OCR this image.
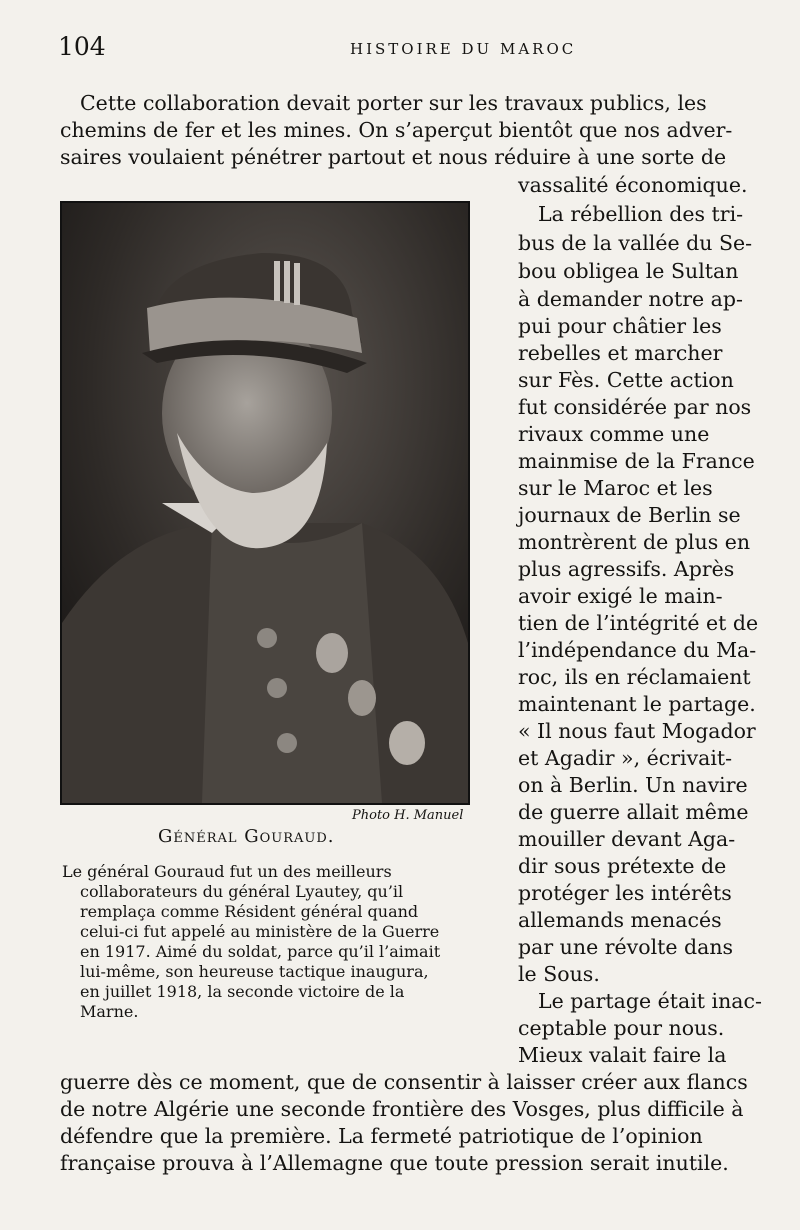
104	HISTOIRE DU MAROC
Cette collaboration devait porter sur les travaux publics, les
chemins de fer et les mines. On s’aperçut bientôt que nos adver-
saires voulaient pénétrer partout et nous réduire à une sorte de
vassalité économique.
La rébellion des tri-
bus de la vallée du Se-
bou obligea le Sultan
à demander notre ap-
pui pour châtier les
rebelles et marcher
sur Fès. Cette action
fut considérée par nos
rivaux comme une
mainmise de la France
sur le Maroc et les
journaux de Berlin se
montrèrent de plus en
plus agressifs. Après
avoir exigé le main-
tien de l’intégrité et de
l’indépendance du Ma-
roc, ils en réclamaient
maintenant le partage.
« Il nous faut Mogador
et Agadir », écrivait-
on à Berlin. Un navire
de guerre allait même
mouiller devant Aga-
dir sous prétexte de
protéger les intérêts
allemands menacés
par une révolte dans
le Sous.
Le partage était inac-
ceptable pour nous.
Mieux valait faire la
Photo H. Manuel
Général Gouraud.
Le général Gouraud fut un des meilleurs
collaborateurs du général Lyautey, qu’il
remplaça comme Résident général quand
celui-ci fut appelé au ministère de la Guerre
en 1917. Aimé du soldat, parce qu’il l’aimait
lui-même, son heureuse tactique inaugura,
en juillet 1918, la seconde victoire de la
Marne.
guerre dès ce moment, que de consentir à laisser créer aux flancs
de notre Algérie une seconde frontière des Vosges, plus difficile à
défendre que la première. La fermeté patriotique de l’opinion
française prouva à l’Allemagne que toute pression serait inutile.
